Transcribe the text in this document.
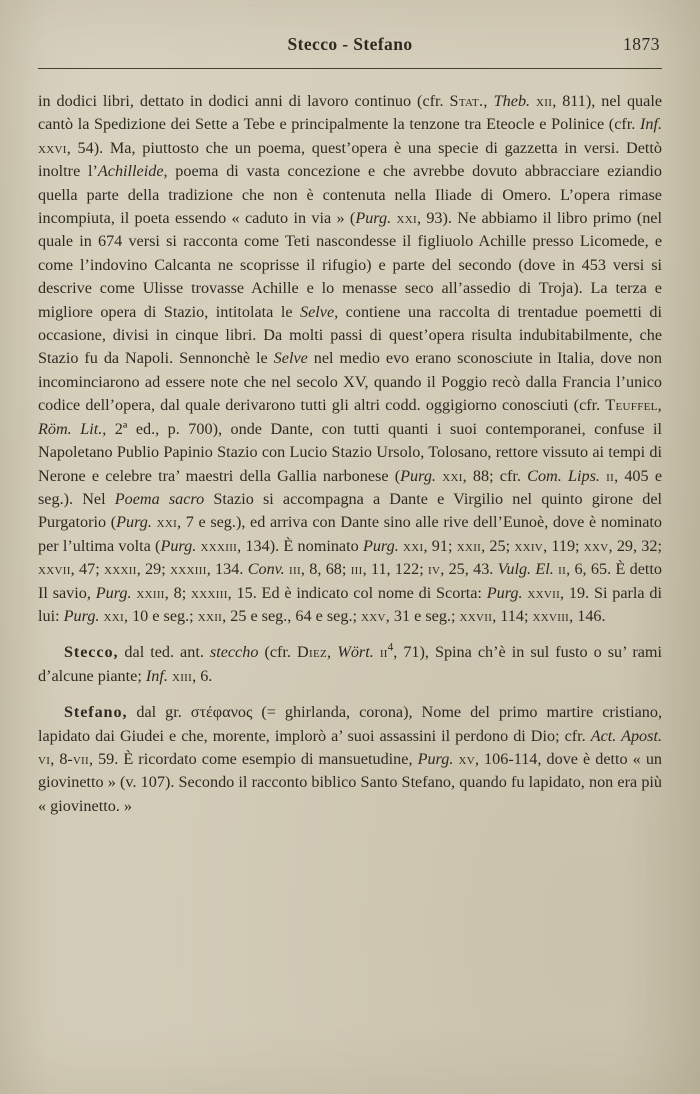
Stecco - Stefano	1873

in dodici libri, dettato in dodici anni di lavoro continuo (cfr. Stat., Theb. xii, 811), nel quale cantò la Spedizione dei Sette a Tebe e principalmente la tenzone tra Eteocle e Polinice (cfr. Inf. xxvi, 54). Ma, piuttosto che un poema, quest’opera è una specie di gazzetta in versi. Dettò inoltre l’Achilleide, poema di vasta concezione e che avrebbe dovuto abbracciare eziandio quella parte della tradizione che non è contenuta nella Iliade di Omero. L’opera rimase incompiuta, il poeta essendo « caduto in via » (Purg. xxi, 93). Ne abbiamo il libro primo (nel quale in 674 versi si racconta come Teti nascondesse il figliuolo Achille presso Licomede, e come l’indovino Calcanta ne scoprisse il rifugio) e parte del secondo (dove in 453 versi si descrive come Ulisse trovasse Achille e lo menasse seco all’assedio di Troja). La terza e migliore opera di Stazio, intitolata le Selve, contiene una raccolta di trentadue poemetti di occasione, divisi in cinque libri. Da molti passi di quest’opera risulta indubitabilmente, che Stazio fu da Napoli. Sennonchè le Selve nel medio evo erano sconosciute in Italia, dove non incominciarono ad essere note che nel secolo XV, quando il Poggio recò dalla Francia l’unico codice dell’opera, dal quale derivarono tutti gli altri codd. oggigiorno conosciuti (cfr. Teuffel, Röm. Lit., 2ª ed., p. 700), onde Dante, con tutti quanti i suoi contemporanei, confuse il Napoletano Publio Papinio Stazio con Lucio Stazio Ursolo, Tolosano, rettore vissuto ai tempi di Nerone e celebre tra’ maestri della Gallia narbonese (Purg. xxi, 88; cfr. Com. Lips. ii, 405 e seg.). Nel Poema sacro Stazio si accompagna a Dante e Virgilio nel quinto girone del Purgatorio (Purg. xxi, 7 e seg.), ed arriva con Dante sino alle rive dell’Eunoè, dove è nominato per l’ultima volta (Purg. xxxiii, 134). È nominato Purg. xxi, 91; xxii, 25; xxiv, 119; xxv, 29, 32; xxvii, 47; xxxii, 29; xxxiii, 134. Conv. iii, 8, 68; iii, 11, 122; iv, 25, 43. Vulg. El. ii, 6, 65. È detto Il savio, Purg. xxiii, 8; xxxiii, 15. Ed è indicato col nome di Scorta: Purg. xxvii, 19. Si parla di lui: Purg. xxi, 10 e seg.; xxii, 25 e seg., 64 e seg.; xxv, 31 e seg.; xxvii, 114; xxviii, 146.

Stecco, dal ted. ant. steccho (cfr. Diez, Wört. $ii^4$, 71), Spina ch’è in sul fusto o su’ rami d’alcune piante; Inf. xiii, 6.

Stefano, dal gr. στέφανος (= ghirlanda, corona), Nome del primo martire cristiano, lapidato dai Giudei e che, morente, implorò a’ suoi assassini il perdono di Dio; cfr. Act. Apost. vi, 8-vii, 59. È ricordato come esempio di mansuetudine, Purg. xv, 106-114, dove è detto « un giovinetto » (v. 107). Secondo il racconto biblico Santo Stefano, quando fu lapidato, non era più « giovinetto. »
